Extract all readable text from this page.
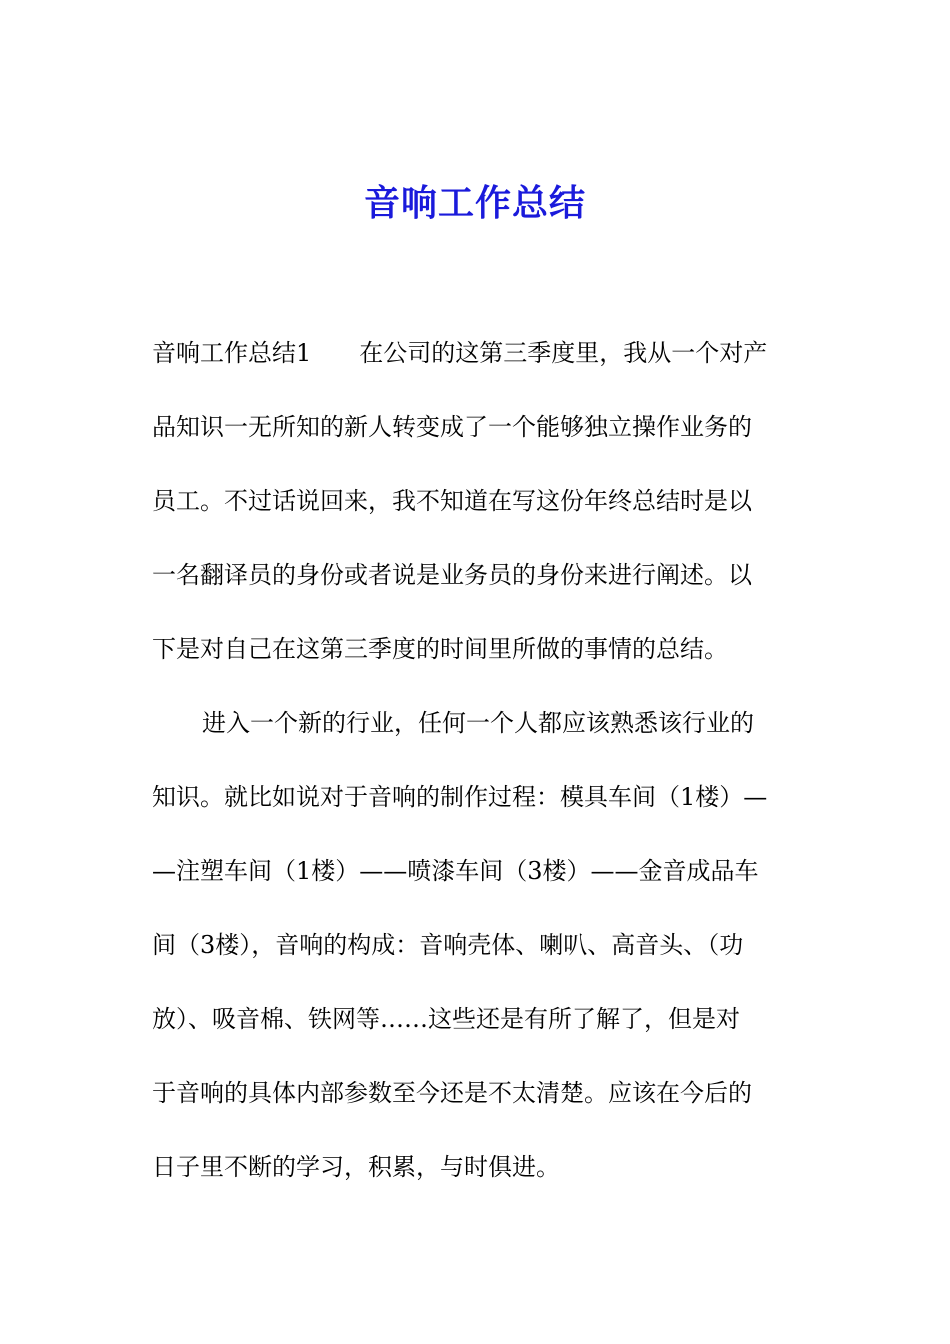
音响工作总结
音响工作总结1　　在公司的这第三季度里，我从一个对产
品知识一无所知的新人转变成了一个能够独立操作业务的
员工。不过话说回来，我不知道在写这份年终总结时是以
一名翻译员的身份或者说是业务员的身份来进行阐述。以
下是对自己在这第三季度的时间里所做的事情的总结。
进入一个新的行业，任何一个人都应该熟悉该行业的
知识。就比如说对于音响的制作过程：模具车间（1楼）—
—注塑车间（1楼）——喷漆车间（3楼）——金音成品车
间（3楼），音响的构成：音响壳体、喇叭、高音头、（功
放）、吸音棉、铁网等……这些还是有所了解了，但是对
于音响的具体内部参数至今还是不太清楚。应该在今后的
日子里不断的学习，积累，与时俱进。
